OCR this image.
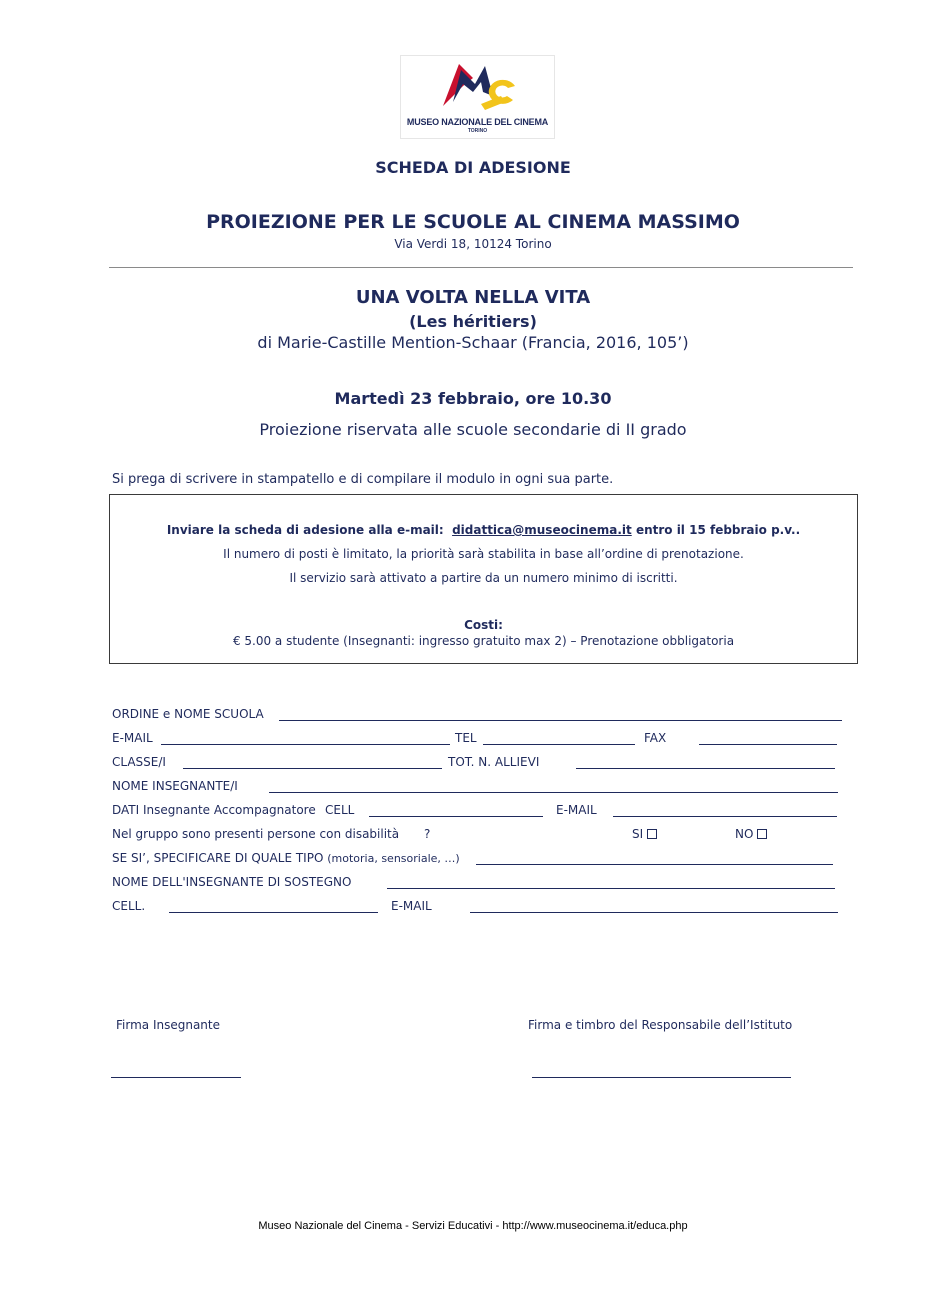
MUSEO NAZIONALE DEL CINEMA
TORINO
SCHEDA DI ADESIONE
PROIEZIONE PER LE SCUOLE AL CINEMA MASSIMO
Via Verdi 18, 10124 Torino
UNA VOLTA NELLA VITA
(Les héritiers)
di Marie-Castille Mention-Schaar (Francia, 2016, 105’)
Martedì 23 febbraio, ore 10.30
Proiezione riservata alle scuole secondarie di II grado
Si prega di scrivere in stampatello e di compilare il modulo in ogni sua parte.
Inviare la scheda di adesione alla e-mail: didattica@museocinema.it entro il 15 febbraio p.v..
Il numero di posti è limitato, la priorità sarà stabilita in base all’ordine di prenotazione.
Il servizio sarà attivato a partire da un numero minimo di iscritti.
Costi:
€ 5.00 a studente (Insegnanti: ingresso gratuito max 2) – Prenotazione obbligatoria
ORDINE e NOME SCUOLA
E-MAIL	TEL	FAX
CLASSE/I	TOT. N. ALLIEVI
NOME INSEGNANTE/I
DATI Insegnante Accompagnatore CELL	E-MAIL
Nel gruppo sono presenti persone con disabilità ?	SI	NO
SE SI’, SPECIFICARE DI QUALE TIPO (motoria, sensoriale, …)
NOME DELL'INSEGNANTE DI SOSTEGNO
CELL.	E-MAIL
Firma Insegnante	Firma e timbro del Responsabile dell’Istituto
Museo Nazionale del Cinema - Servizi Educativi - http://www.museocinema.it/educa.php
